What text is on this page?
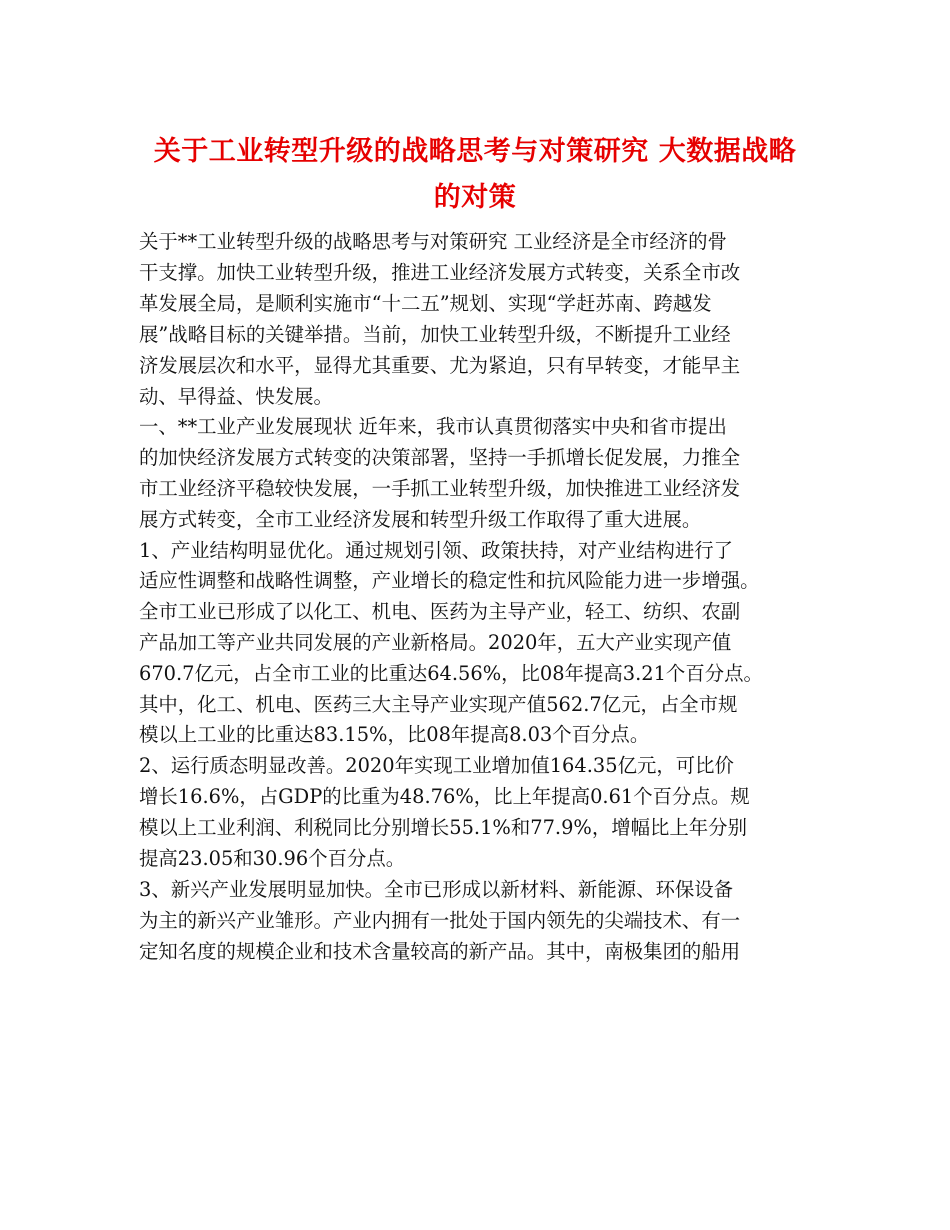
关于工业转型升级的战略思考与对策研究 大数据战略
的对策
关于**工业转型升级的战略思考与对策研究 工业经济是全市经济的骨
干支撑。加快工业转型升级，推进工业经济发展方式转变，关系全市改
革发展全局，是顺利实施市“十二五”规划、实现“学赶苏南、跨越发
展”战略目标的关键举措。当前，加快工业转型升级，不断提升工业经
济发展层次和水平，显得尤其重要、尤为紧迫，只有早转变，才能早主
动、早得益、快发展。
一、**工业产业发展现状 近年来，我市认真贯彻落实中央和省市提出
的加快经济发展方式转变的决策部署，坚持一手抓增长促发展，力推全
市工业经济平稳较快发展，一手抓工业转型升级，加快推进工业经济发
展方式转变，全市工业经济发展和转型升级工作取得了重大进展。
1、产业结构明显优化。通过规划引领、政策扶持，对产业结构进行了
适应性调整和战略性调整，产业增长的稳定性和抗风险能力进一步增强。
全市工业已形成了以化工、机电、医药为主导产业，轻工、纺织、农副
产品加工等产业共同发展的产业新格局。2020年，五大产业实现产值
670.7亿元，占全市工业的比重达64.56%，比08年提高3.21个百分点。
其中，化工、机电、医药三大主导产业实现产值562.7亿元，占全市规
模以上工业的比重达83.15%，比08年提高8.03个百分点。
2、运行质态明显改善。2020年实现工业增加值164.35亿元，可比价
增长16.6%，占GDP的比重为48.76%，比上年提高0.61个百分点。规
模以上工业利润、利税同比分别增长55.1%和77.9%，增幅比上年分别
提高23.05和30.96个百分点。
3、新兴产业发展明显加快。全市已形成以新材料、新能源、环保设备
为主的新兴产业雏形。产业内拥有一批处于国内领先的尖端技术、有一
定知名度的规模企业和技术含量较高的新产品。其中，南极集团的船用
